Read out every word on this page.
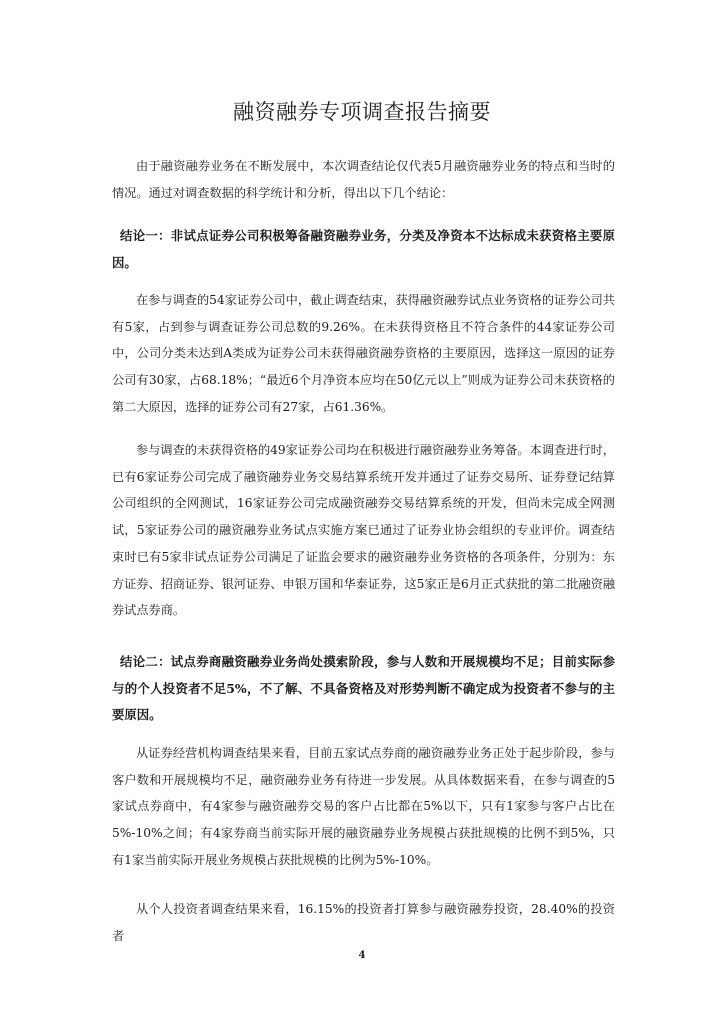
融资融券专项调查报告摘要

由于融资融券业务在不断发展中，本次调查结论仅代表5月融资融券业务的特点和当时的情况。通过对调查数据的科学统计和分析，得出以下几个结论：

结论一：非试点证券公司积极筹备融资融券业务，分类及净资本不达标成未获资格主要原因。

在参与调查的54家证券公司中，截止调查结束，获得融资融券试点业务资格的证券公司共有5家，占到参与调查证券公司总数的9.26%。在未获得资格且不符合条件的44家证券公司中，公司分类未达到A类成为证券公司未获得融资融券资格的主要原因，选择这一原因的证券公司有30家，占68.18%；“最近6个月净资本应均在50亿元以上”则成为证券公司未获资格的第二大原因，选择的证券公司有27家，占61.36%。

参与调查的未获得资格的49家证券公司均在积极进行融资融券业务筹备。本调查进行时，已有6家证券公司完成了融资融券业务交易结算系统开发并通过了证券交易所、证券登记结算公司组织的全网测试，16家证券公司完成融资融券交易结算系统的开发，但尚未完成全网测试，5家证券公司的融资融券业务试点实施方案已通过了证券业协会组织的专业评价。调查结束时已有5家非试点证券公司满足了证监会要求的融资融券业务资格的各项条件，分别为：东方证券、招商证券、银河证券、申银万国和华泰证券，这5家正是6月正式获批的第二批融资融券试点券商。

结论二：试点券商融资融券业务尚处摸索阶段，参与人数和开展规模均不足；目前实际参与的个人投资者不足5%，不了解、不具备资格及对形势判断不确定成为投资者不参与的主要原因。

从证券经营机构调查结果来看，目前五家试点券商的融资融券业务正处于起步阶段，参与客户数和开展规模均不足，融资融券业务有待进一步发展。从具体数据来看，在参与调查的5家试点券商中，有4家参与融资融券交易的客户占比都在5%以下，只有1家参与客户占比在5%-10%之间；有4家券商当前实际开展的融资融券业务规模占获批规模的比例不到5%，只有1家当前实际开展业务规模占获批规模的比例为5%-10%。

从个人投资者调查结果来看，16.15%的投资者打算参与融资融券投资，28.40%的投资者

4
